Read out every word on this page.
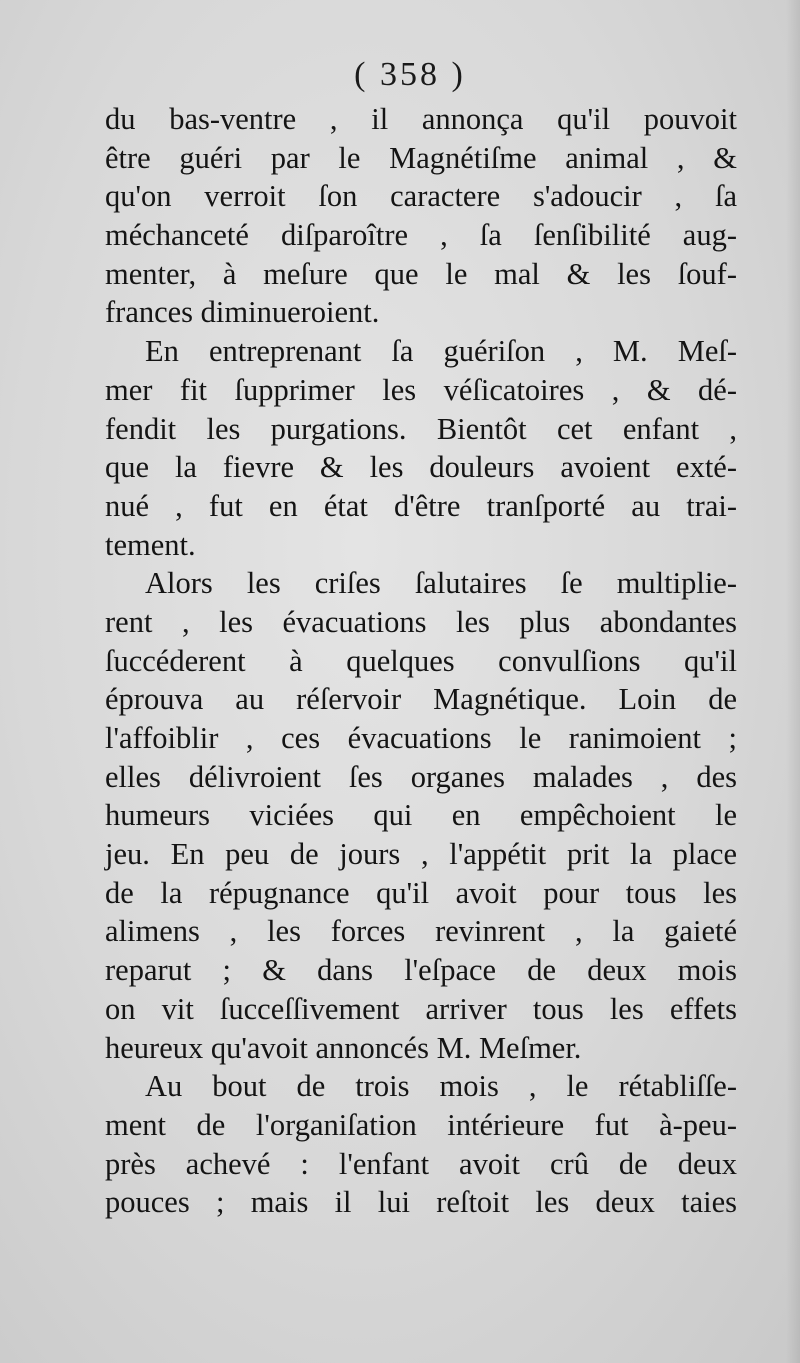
( 358 )
du bas-ventre , il annonça qu'il pouvoit
être guéri par le Magnétiſme animal , &
qu'on verroit ſon caractere s'adoucir , ſa
méchanceté diſparoître , ſa ſenſibilité aug-
menter, à meſure que le mal & les ſouf-
frances diminueroient.
En entreprenant ſa guériſon , M. Meſ-
mer fit ſupprimer les véſicatoires , & dé-
fendit les purgations. Bientôt cet enfant ,
que la fievre & les douleurs avoient exté-
nué , fut en état d'être tranſporté au trai-
tement.
Alors les criſes ſalutaires ſe multiplie-
rent , les évacuations les plus abondantes
ſuccéderent à quelques convulſions qu'il
éprouva au réſervoir Magnétique. Loin de
l'affoiblir , ces évacuations le ranimoient ;
elles délivroient ſes organes malades , des
humeurs viciées qui en empêchoient le
jeu. En peu de jours , l'appétit prit la place
de la répugnance qu'il avoit pour tous les
alimens , les forces revinrent , la gaieté
reparut ; & dans l'eſpace de deux mois
on vit ſucceſſivement arriver tous les effets
heureux qu'avoit annoncés M. Meſmer.
Au bout de trois mois , le rétabliſſe-
ment de l'organiſation intérieure fut à-peu-
près achevé : l'enfant avoit crû de deux
pouces ; mais il lui reſtoit les deux taies
